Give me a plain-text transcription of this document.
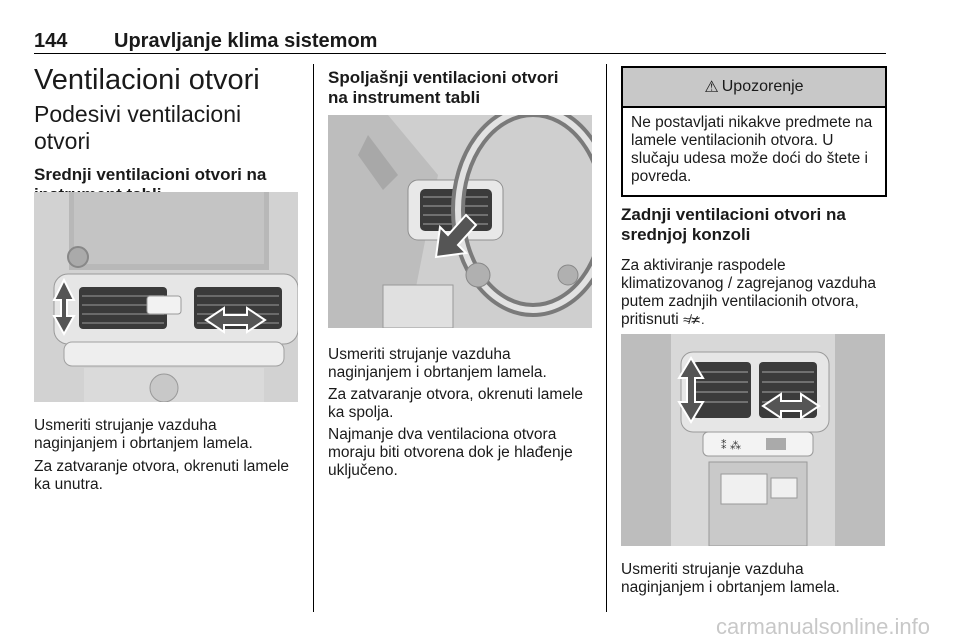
144 Upravljanje klima sistemom
Ventilacioni otvori
Podesivi ventilacioni otvori
Srednji ventilacioni otvori na

Usmeriti strujanje vazduha naginjanjem i obrtanjem lamela.

Za zatvaranje otvora, okrenuti lamele ka unutra.

Spoljašnji ventilacioni otvori na instrument tabli

Usmeriti strujanje vazduha naginjanjem i obrtanjem lamela.

Za zatvaranje otvora, okrenuti lamele ka spolja.

Najmanje dva ventilaciona otvora moraju biti otvorena dok je hlađenje uključeno.

⚠ Upozorenje
Ne postavljati nikakve predmete na lamele ventilacionih otvora. U slučaju udesa može doći do štete i povreda.
Zadnji ventilacioni otvori na srednjoj konzoli

Za aktiviranje raspodele klimatizovanog / zagrejanog vazduha putem zadnjih ventilacionih otvora, pritisnuti ≉≭.

⁑ ⁂

Usmeriti strujanje vazduha naginjanjem i obrtanjem lamela.

carmanualsonline.info
